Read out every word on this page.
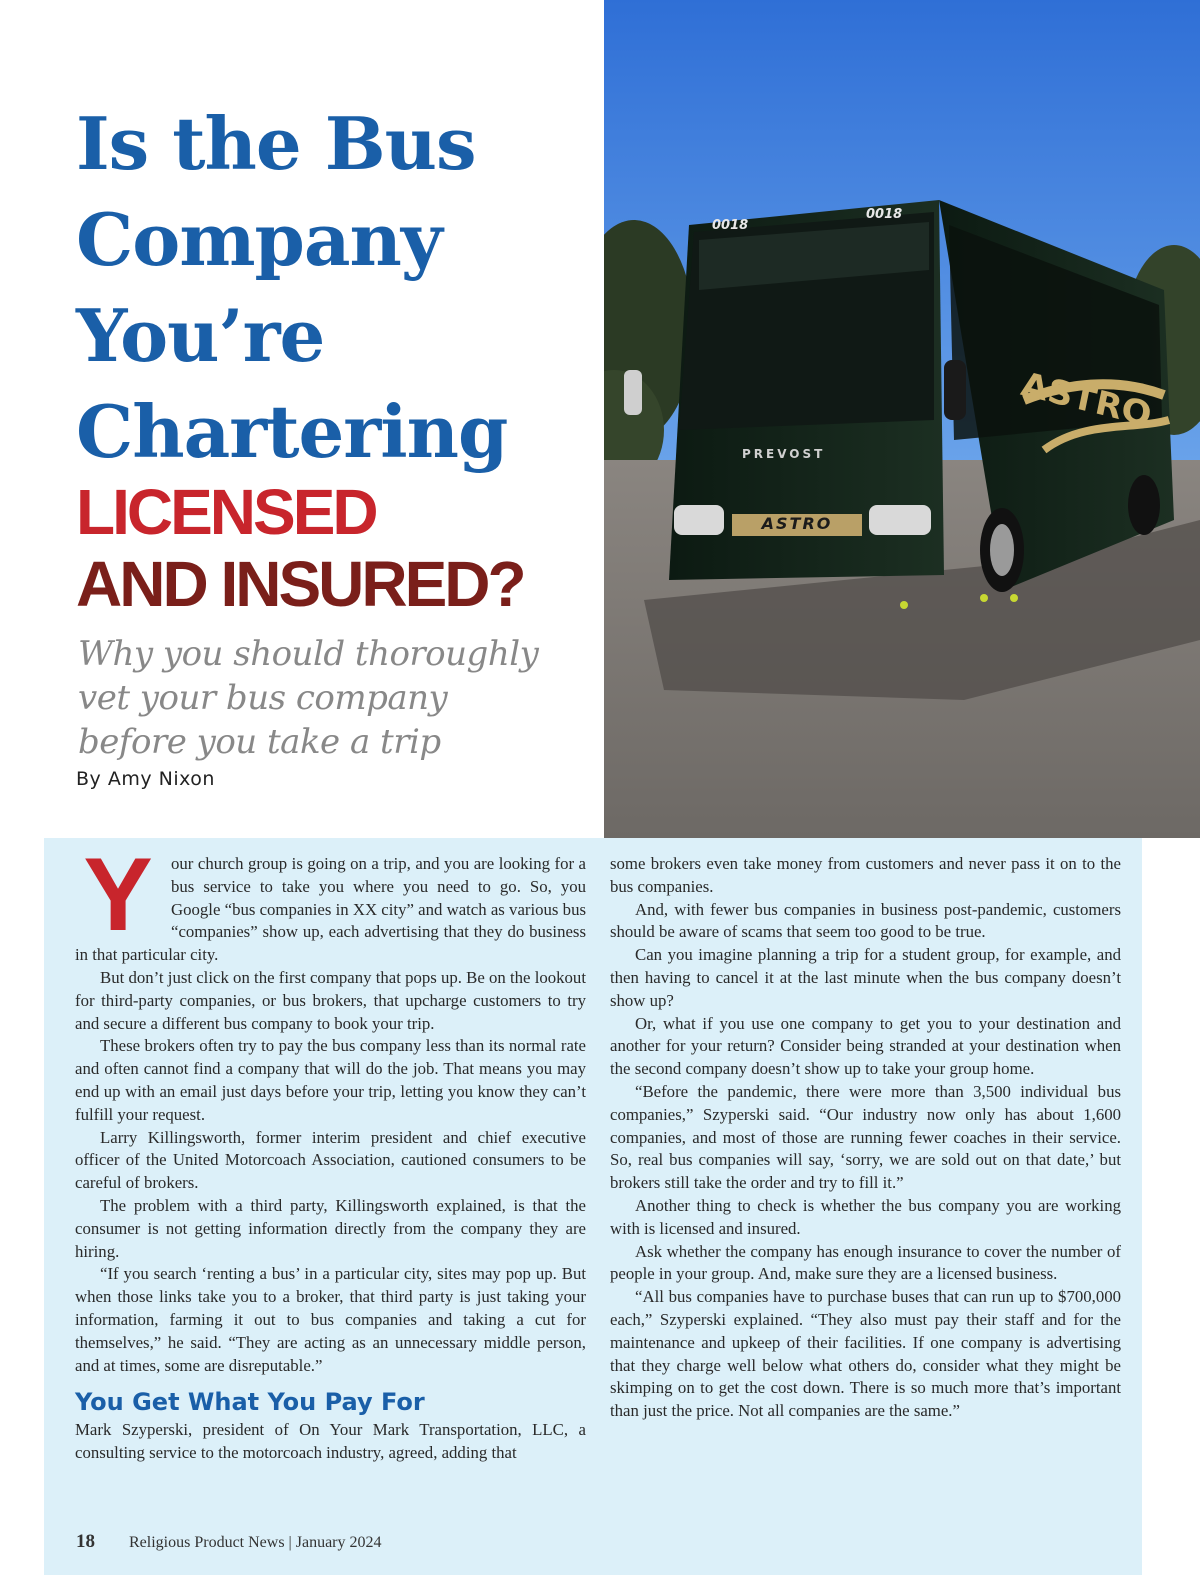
0018
0018
PREVOST
ASTRO
ASTRO
Is the Bus
Company
You’re
Chartering
LICENSED
AND INSURED?
Why you should thoroughly
vet your bus company
before you take a trip
By Amy Nixon

Y	our church group is going on a trip, and you are looking for a bus service to take you where you need to go. So, you Google “bus companies in XX city” and watch as various bus “companies” show up, each advertising that they do business in that particular city.

But don’t just click on the first company that pops up. Be on the lookout for third-party companies, or bus brokers, that upcharge customers to try and secure a different bus company to book your trip.

These brokers often try to pay the bus company less than its normal rate and often cannot find a company that will do the job. That means you may end up with an email just days before your trip, letting you know they can’t fulfill your request.

Larry Killingsworth, former interim president and chief executive officer of the United Motorcoach Association, cautioned consumers to be careful of brokers.

The problem with a third party, Killingsworth explained, is that the consumer is not getting information directly from the company they are hiring.

“If you search ‘renting a bus’ in a particular city, sites may pop up. But when those links take you to a broker, that third party is just taking your information, farming it out to bus companies and taking a cut for themselves,” he said. “They are acting as an unnecessary middle person, and at times, some are disreputable.”

You Get What You Pay For

Mark Szyperski, president of On Your Mark Transportation, LLC, a consulting service to the motorcoach industry, agreed, adding that

some brokers even take money from customers and never pass it on to the bus companies.

And, with fewer bus companies in business post-pandemic, customers should be aware of scams that seem too good to be true.

Can you imagine planning a trip for a student group, for example, and then having to cancel it at the last minute when the bus company doesn’t show up?

Or, what if you use one company to get you to your destination and another for your return? Consider being stranded at your destination when the second company doesn’t show up to take your group home.

“Before the pandemic, there were more than 3,500 individual bus companies,” Szyperski said. “Our industry now only has about 1,600 companies, and most of those are running fewer coaches in their service. So, real bus companies will say, ‘sorry, we are sold out on that date,’ but brokers still take the order and try to fill it.”

Another thing to check is whether the bus company you are working with is licensed and insured.

Ask whether the company has enough insurance to cover the number of people in your group. And, make sure they are a licensed business.

“All bus companies have to purchase buses that can run up to $700,000 each,” Szyperski explained. “They also must pay their staff and for the maintenance and upkeep of their facilities. If one company is advertising that they charge well below what others do, consider what they might be skimping on to get the cost down. There is so much more that’s important than just the price. Not all companies are the same.”

18 Religious Product News | January 2024
